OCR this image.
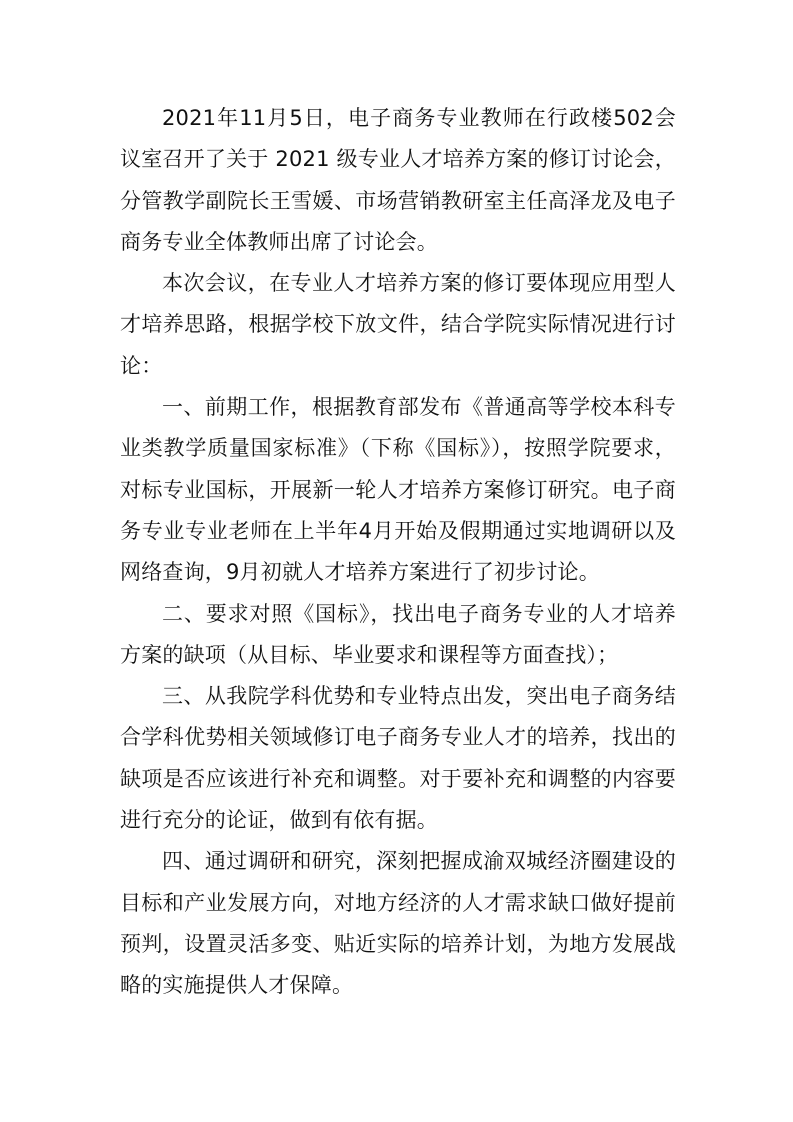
2021年11月5日，电子商务专业教师在行政楼502会议室召开了关于 2021 级专业人才培养方案的修订讨论会，分管教学副院长王雪媛、市场营销教研室主任高泽龙及电子商务专业全体教师出席了讨论会。

本次会议，在专业人才培养方案的修订要体现应用型人才培养思路，根据学校下放文件，结合学院实际情况进行讨论：

一、前期工作，根据教育部发布《普通高等学校本科专业类教学质量国家标准》（下称《国标》），按照学院要求，对标专业国标，开展新一轮人才培养方案修订研究。电子商务专业专业老师在上半年4月开始及假期通过实地调研以及网络查询，9月初就人才培养方案进行了初步讨论。

二、要求对照《国标》，找出电子商务专业的人才培养方案的缺项（从目标、毕业要求和课程等方面查找）；

三、从我院学科优势和专业特点出发，突出电子商务结合学科优势相关领域修订电子商务专业人才的培养，找出的缺项是否应该进行补充和调整。对于要补充和调整的内容要进行充分的论证，做到有依有据。

四、通过调研和研究，深刻把握成渝双城经济圈建设的目标和产业发展方向，对地方经济的人才需求缺口做好提前预判，设置灵活多变、贴近实际的培养计划，为地方发展战略的实施提供人才保障。
